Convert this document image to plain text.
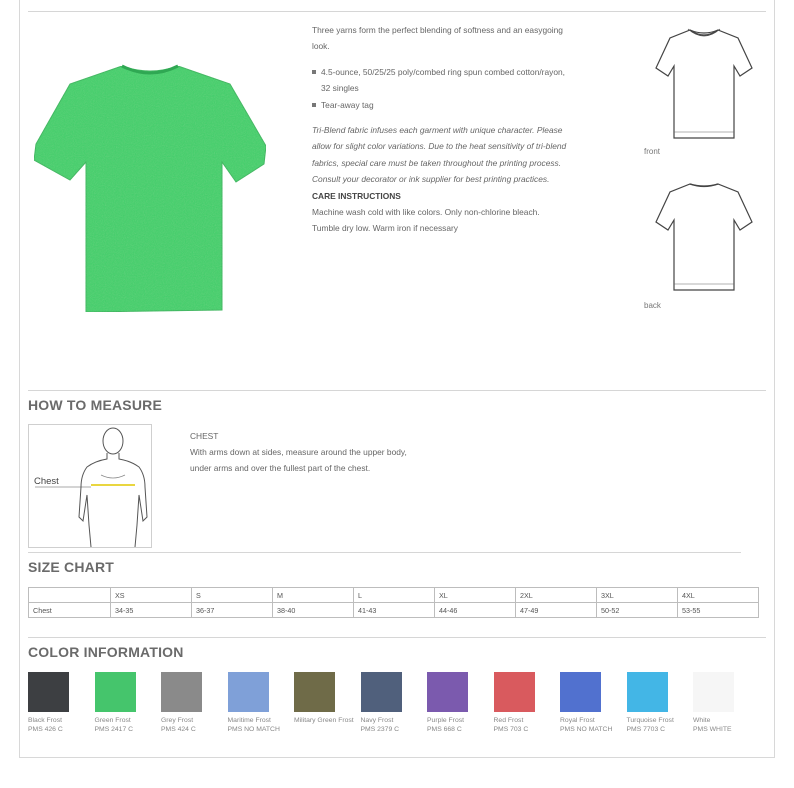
Three yarns form the perfect blending of softness and an easygoing look.

4.5-ounce, 50/25/25 poly/combed ring spun combed cotton/rayon, 32 singles
Tear-away tag

Tri-Blend fabric infuses each garment with unique character. Please allow for slight color variations. Due to the heat sensitivity of tri-blend fabrics, special care must be taken throughout the printing process. Consult your decorator or ink supplier for best printing practices.

CARE INSTRUCTIONS

Machine wash cold with like colors. Only non-chlorine bleach. Tumble dry low. Warm iron if necessary

front
back
HOW TO MEASURE
Chest
CHEST
With arms down at sides, measure around the upper body,
under arms and over the fullest part of the chest.
SIZE CHART
	XS	S	M	L	XL	2XL	3XL	4XL
Chest	34-35	36-37	38-40	41-43	44-46	47-49	50-52	53-55
COLOR INFORMATION
Black Frost
PMS 426 C
Green Frost
PMS 2417 C
Grey Frost
PMS 424 C
Maritime Frost
PMS NO MATCH
Military Green Frost	Navy Frost
PMS 2379 C
Purple Frost
PMS 668 C
Red Frost
PMS 703 C
Royal Frost
PMS NO MATCH
Turquoise Frost
PMS 7703 C
White
PMS WHITE
